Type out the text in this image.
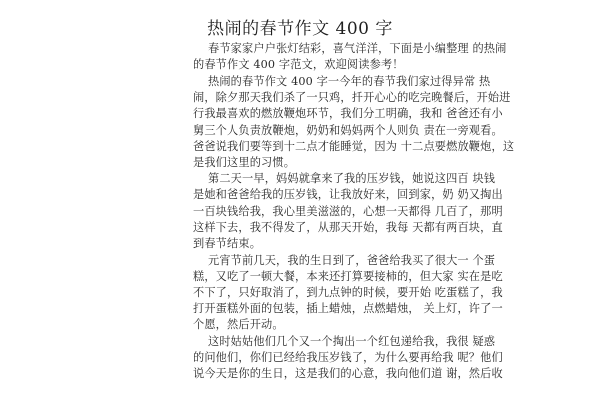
热闹的春节作文 400 字
春节家家户户张灯结彩，喜气洋洋，下面是小编整理 的热闹
的春节作文 400 字范文，欢迎阅读参考！
热闹的春节作文 400 字一今年的春节我们家过得异常 热
闹，除夕那天我们杀了一只鸡，扦开心心的吃完晚餐后，开始进
行我最喜欢的燃放鞭炮环节，我们分工明确，我和 爸爸还有小
舅三个人负责放鞭炮，奶奶和妈妈两个人则负 责在一旁观看。
爸爸说我们要等到十二点才能睡觉，因为 十二点要燃放鞭炮，这
是我们这里的习惯。
第二天一早，妈妈就拿来了我的压岁钱，她说这四百 块钱
是她和爸爸给我的压岁钱，让我放好来，回到家，奶 奶又掏出
一百块钱给我，我心里美滋滋的，心想一天都得 几百了，那明
这样下去，我不得发了，从那天开始，我每 天都有两百块，直
到春节结束。
元宵节前几天，我的生日到了，爸爸给我买了很大一 个蛋
糕，又吃了一顿大餐，本来还打算要接柿的，但大家 实在是吃
不下了，只好取消了，到九点钟的时候，要开始 吃蛋糕了，我
打开蛋糕外面的包装，插上蜡烛，点燃蜡烛， 关上灯，许了一
个愿，然后开动。
这时姑姑他们几个又一个掏出一个红包递给我，我很 疑惑
的问他们，你们已经给我压岁钱了，为什么要再给我 呢？他们
说今天是你的生日，这是我们的心意，我向他们道 谢，然后收
